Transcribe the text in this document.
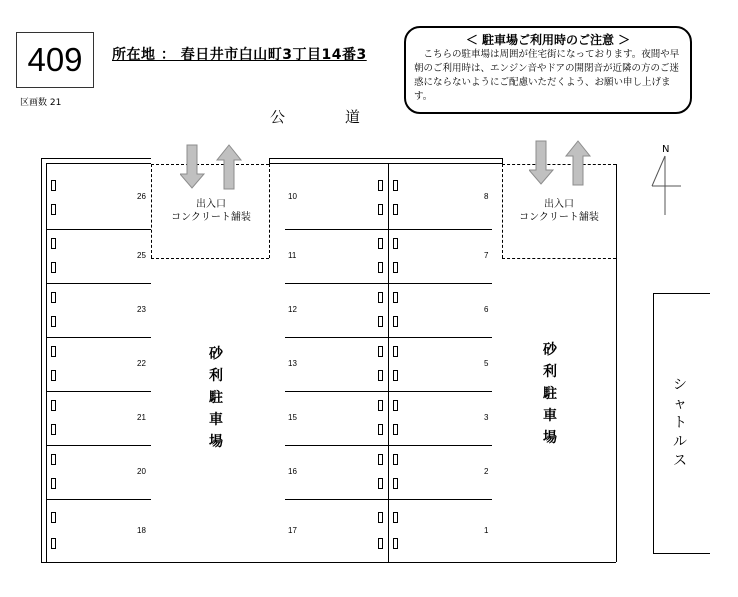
409	所在地 ： 春日井市白山町3丁目14番3
区画数 21
公	道
＜ 駐車場ご利用時のご注意 ＞
こちらの駐車場は周囲が住宅街になっております。夜間や早朝のご利用時は、エンジン音やドアの開閉音が近隣の方のご迷惑にならないようにご配慮いただくよう、お願い申し上げます。
N
出入口
コンクリート舗装
出入口
コンクリート舗装
砂
利
駐
車
場
砂
利
駐
車
場
シ
ャ
ト
ル
ス
26
25
23
22
21
20
18
10
11
12
13
15
16
17
8
7
6
5
3
2
1
